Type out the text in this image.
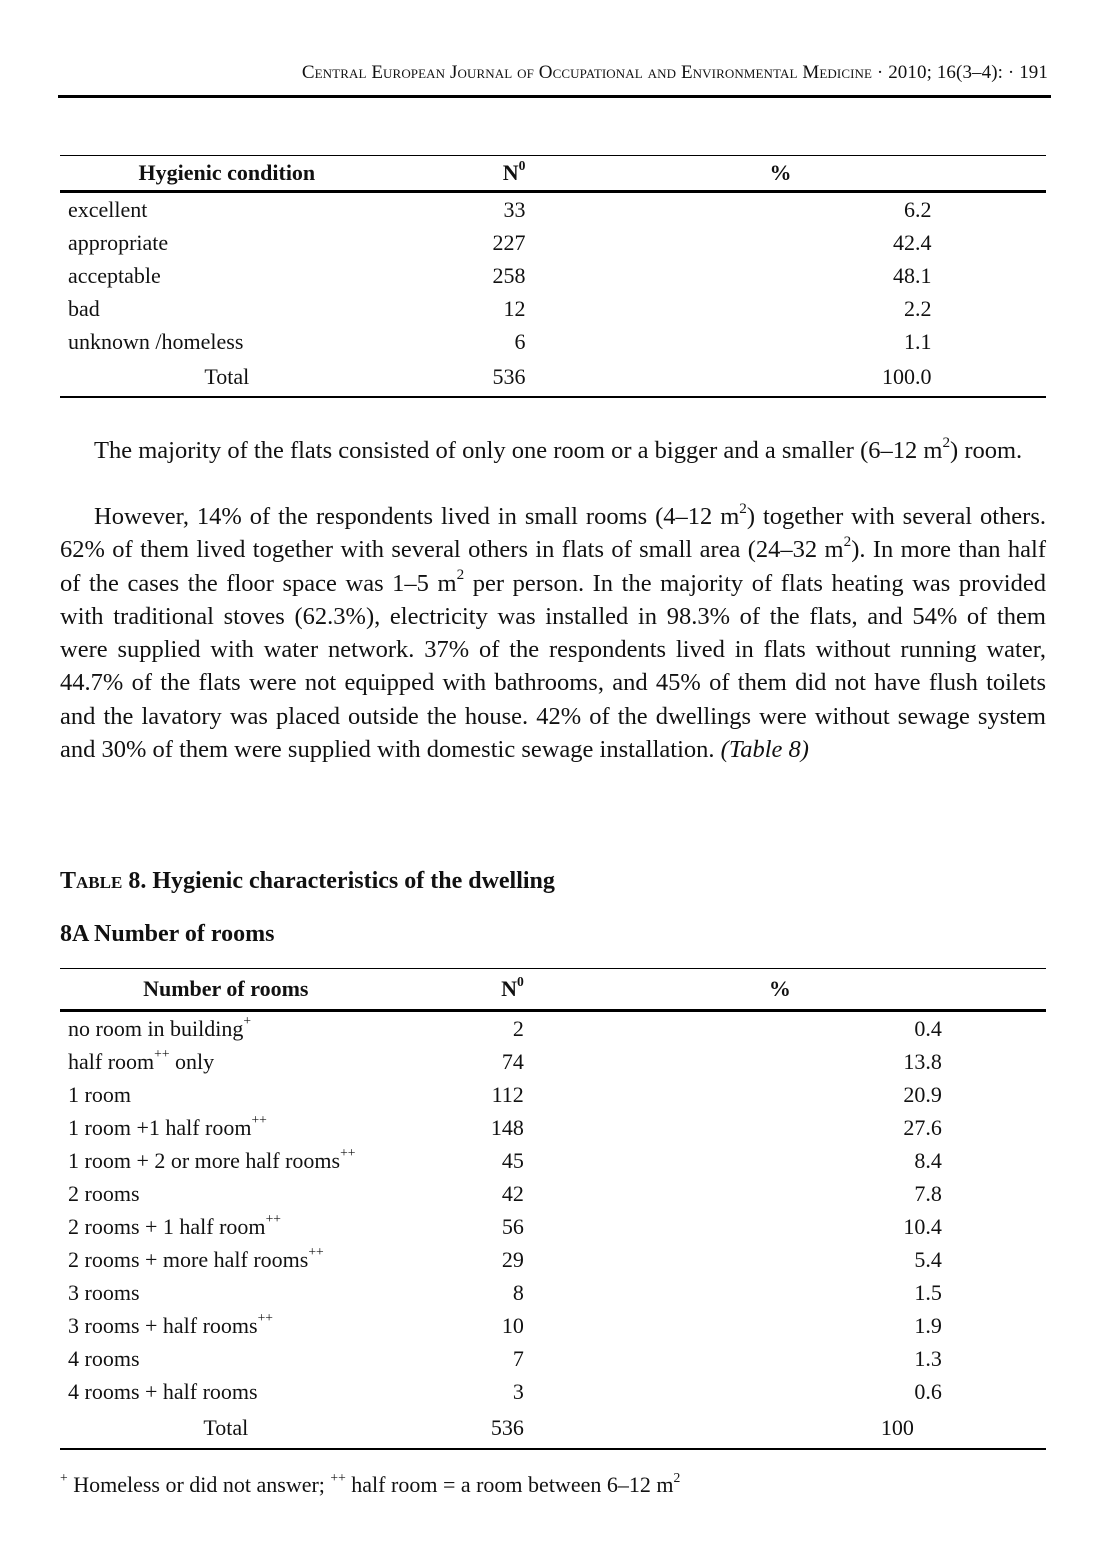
Central European Journal of Occupational and Environmental Medicine · 2010; 16(3–4): · 191
Hygienic condition	$N^0$	%	
excellent	33	6.2	
appropriate	227	42.4	
acceptable	258	48.1	
bad	12	2.2	
unknown /homeless	6	1.1	
Total	536	100.0	
The majority of the flats consisted of only one room or a bigger and a smaller (6–12 $m^2$) room.
However, 14% of the respondents lived in small rooms (4–12 $m^2$) together with several others. 62% of them lived together with several others in flats of small area (24–32 $m^2$). In more than half of the cases the floor space was 1–5 $m^2$ per person. In the majority of flats heating was provided with traditional stoves (62.3%), electricity was installed in 98.3% of the flats, and 54% of them were supplied with water network. 37% of the respondents lived in flats without running water, 44.7% of the flats were not equipped with bathrooms, and 45% of them did not have flush toilets and the lavatory was placed outside the house. 42% of the dwellings were without sewage system and 30% of them were supplied with domestic sewage installation. (Table 8)
Table 8. Hygienic characteristics of the dwelling
8A Number of rooms
Number of rooms	$N^0$	%	
no room in building+	2	0.4	
half room++ only	74	13.8	
1 room	112	20.9	
1 room +1 half room++	148	27.6	
1 room + 2 or more half rooms++	45	8.4	
2 rooms	42	7.8	
2 rooms + 1 half room++	56	10.4	
2 rooms + more half rooms++	29	5.4	
3 rooms	8	1.5	
3 rooms + half rooms++	10	1.9	
4 rooms	7	1.3	
4 rooms + half rooms	3	0.6	
Total	536	100	
+ Homeless or did not answer; ++ half room = a room between 6–12 $m^2$
